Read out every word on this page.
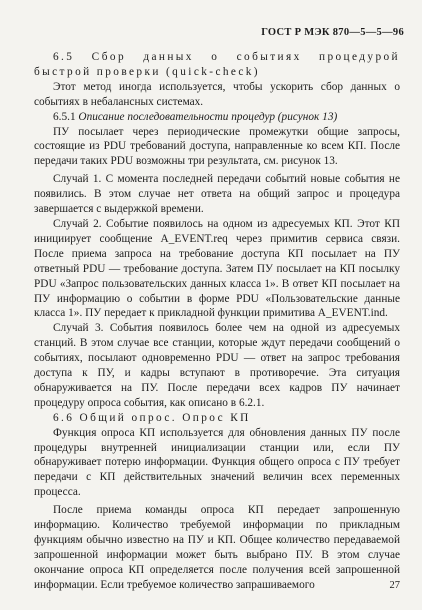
ГОСТ Р МЭК 870—5—5—96

6.5 Сбор данных о событиях процедурой быстрой проверки (quick-check)

Этот метод иногда используется, чтобы ускорить сбор данных о событиях в небалансных системах.

6.5.1 Описание последовательности процедур (рисунок 13)

ПУ посылает через периодические промежутки общие запросы, состоящие из PDU требований доступа, направленные ко всем КП. После передачи таких PDU возможны три результата, см. рисунок 13.

Случай 1. С момента последней передачи событий новые события не появились. В этом случае нет ответа на общий запрос и процедура завершается с выдержкой времени.

Случай 2. Событие появилось на одном из адресуемых КП. Этот КП инициирует сообщение A_EVENT.req через примитив сервиса связи. После приема запроса на требование доступа КП посылает на ПУ ответный PDU — требование доступа. Затем ПУ посылает на КП посылку PDU «Запрос пользовательских данных класса 1». В ответ КП посылает на ПУ информацию о событии в форме PDU «Пользовательские данные класса 1». ПУ передает к прикладной функции примитива A_EVENT.ind.

Случай 3. События появилось более чем на одной из адресуемых станций. В этом случае все станции, которые ждут передачи сообщений о событиях, посылают одновременно PDU — ответ на запрос требования доступа к ПУ, и кадры вступают в противоречие. Эта ситуация обнаруживается на ПУ. После передачи всех кадров ПУ начинает процедуру опроса события, как описано в 6.2.1.

6.6 Общий опрос. Опрос КП

Функция опроса КП используется для обновления данных ПУ после процедуры внутренней инициализации станции или, если ПУ обнаруживает потерю информации. Функция общего опроса с ПУ требует передачи с КП действительных значений величин всех переменных процесса.

После приема команды опроса КП передает запрошенную информацию. Количество требуемой информации по прикладным функциям обычно известно на ПУ и КП. Общее количество передаваемой запрошенной информации может быть выбрано ПУ. В этом случае окончание опроса КП определяется после получения всей запрошенной информации. Если требуемое количество запрашиваемого	27
